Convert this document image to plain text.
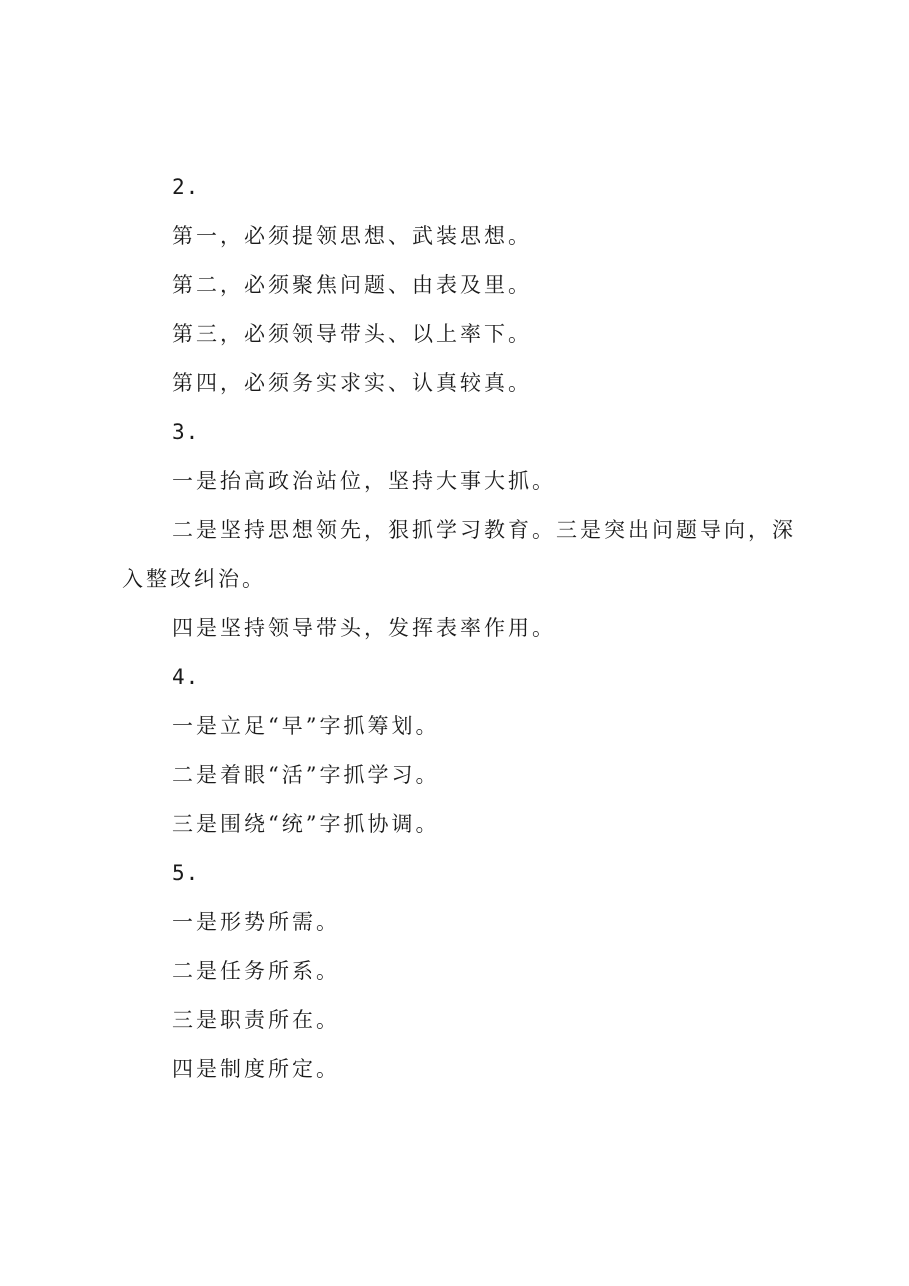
2.

第一，必须提领思想、武装思想。

第二，必须聚焦问题、由表及里。

第三，必须领导带头、以上率下。

第四，必须务实求实、认真较真。

3.

一是抬高政治站位，坚持大事大抓。

二是坚持思想领先，狠抓学习教育。三是突出问题导向，深入整改纠治。

四是坚持领导带头，发挥表率作用。

4.

一是立足“早”字抓筹划。

二是着眼“活”字抓学习。

三是围绕“统”字抓协调。

5.

一是形势所需。

二是任务所系。

三是职责所在。

四是制度所定。
